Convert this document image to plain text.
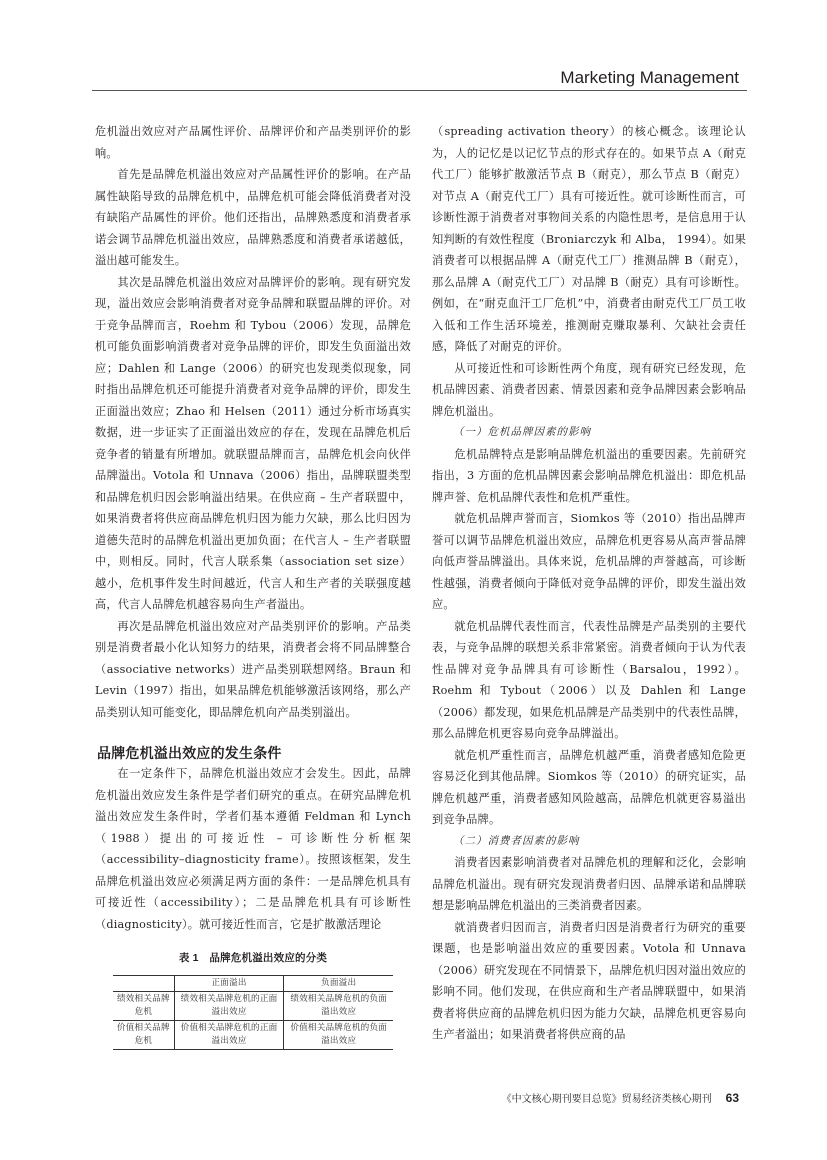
Marketing Management

危机溢出效应对产品属性评价、品牌评价和产品类别评价的影响。

首先是品牌危机溢出效应对产品属性评价的影响。在产品属性缺陷导致的品牌危机中，品牌危机可能会降低消费者对没有缺陷产品属性的评价。他们还指出，品牌熟悉度和消费者承诺会调节品牌危机溢出效应，品牌熟悉度和消费者承诺越低，溢出越可能发生。

其次是品牌危机溢出效应对品牌评价的影响。现有研究发现，溢出效应会影响消费者对竞争品牌和联盟品牌的评价。对于竞争品牌而言，Roehm 和 Tybou（2006）发现，品牌危机可能负面影响消费者对竞争品牌的评价，即发生负面溢出效应；Dahlen 和 Lange（2006）的研究也发现类似现象，同时指出品牌危机还可能提升消费者对竞争品牌的评价，即发生正面溢出效应；Zhao 和 Helsen（2011）通过分析市场真实数据，进一步证实了正面溢出效应的存在，发现在品牌危机后竞争者的销量有所增加。就联盟品牌而言，品牌危机会向伙伴品牌溢出。Votola 和 Unnava（2006）指出，品牌联盟类型和品牌危机归因会影响溢出结果。在供应商 – 生产者联盟中，如果消费者将供应商品牌危机归因为能力欠缺，那么比归因为道德失范时的品牌危机溢出更加负面；在代言人 – 生产者联盟中，则相反。同时，代言人联系集（association set size）越小，危机事件发生时间越近，代言人和生产者的关联强度越高，代言人品牌危机越容易向生产者溢出。

再次是品牌危机溢出效应对产品类别评价的影响。产品类别是消费者最小化认知努力的结果，消费者会将不同品牌整合（associative networks）进产品类别联想网络。Braun 和 Levin（1997）指出，如果品牌危机能够激活该网络，那么产品类别认知可能变化，即品牌危机向产品类别溢出。

品牌危机溢出效应的发生条件

在一定条件下，品牌危机溢出效应才会发生。因此，品牌危机溢出效应发生条件是学者们研究的重点。在研究品牌危机溢出效应发生条件时，学者们基本遵循 Feldman 和 Lynch（1988）提出的可接近性 – 可诊断性分析框架（accessibility–diagnosticity frame）。按照该框架，发生品牌危机溢出效应必须满足两方面的条件：一是品牌危机具有可接近性（accessibility）；二是品牌危机具有可诊断性（diagnosticity）。就可接近性而言，它是扩散激活理论

表 1　品牌危机溢出效应的分类
	正面溢出	负面溢出
绩效相关品牌危机	绩效相关品牌危机的正面溢出效应	绩效相关品牌危机的负面溢出效应
价值相关品牌危机	价值相关品牌危机的正面溢出效应	价值相关品牌危机的负面溢出效应

（spreading activation theory）的核心概念。该理论认为，人的记忆是以记忆节点的形式存在的。如果节点 A（耐克代工厂）能够扩散激活节点 B（耐克），那么节点 B（耐克）对节点 A（耐克代工厂）具有可接近性。就可诊断性而言，可诊断性源于消费者对事物间关系的内隐性思考，是信息用于认知判断的有效性程度（Broniarczyk 和 Alba， 1994）。如果消费者可以根据品牌 A（耐克代工厂）推测品牌 B（耐克），那么品牌 A（耐克代工厂）对品牌 B（耐克）具有可诊断性。例如，在“耐克血汗工厂危机”中，消费者由耐克代工厂员工收入低和工作生活环境差，推测耐克赚取暴利、欠缺社会责任感，降低了对耐克的评价。

从可接近性和可诊断性两个角度，现有研究已经发现，危机品牌因素、消费者因素、情景因素和竞争品牌因素会影响品牌危机溢出。

（一）危机品牌因素的影响

危机品牌特点是影响品牌危机溢出的重要因素。先前研究指出，3 方面的危机品牌因素会影响品牌危机溢出：即危机品牌声誉、危机品牌代表性和危机严重性。

就危机品牌声誉而言，Siomkos 等（2010）指出品牌声誉可以调节品牌危机溢出效应，品牌危机更容易从高声誉品牌向低声誉品牌溢出。具体来说，危机品牌的声誉越高，可诊断性越强，消费者倾向于降低对竞争品牌的评价，即发生溢出效应。

就危机品牌代表性而言，代表性品牌是产品类别的主要代表，与竞争品牌的联想关系非常紧密。消费者倾向于认为代表性品牌对竞争品牌具有可诊断性（Barsalou，1992）。Roehm 和 Tybout（2006）以及 Dahlen 和 Lange（2006）都发现，如果危机品牌是产品类别中的代表性品牌，那么品牌危机更容易向竞争品牌溢出。

就危机严重性而言，品牌危机越严重，消费者感知危险更容易泛化到其他品牌。Siomkos 等（2010）的研究证实，品牌危机越严重，消费者感知风险越高，品牌危机就更容易溢出到竞争品牌。

（二）消费者因素的影响

消费者因素影响消费者对品牌危机的理解和泛化，会影响品牌危机溢出。现有研究发现消费者归因、品牌承诺和品牌联想是影响品牌危机溢出的三类消费者因素。

就消费者归因而言，消费者归因是消费者行为研究的重要课题，也是影响溢出效应的重要因素。Votola 和 Unnava（2006）研究发现在不同情景下，品牌危机归因对溢出效应的影响不同。他们发现，在供应商和生产者品牌联盟中，如果消费者将供应商的品牌危机归因为能力欠缺，品牌危机更容易向生产者溢出；如果消费者将供应商的品

《中文核心期刊要目总览》贸易经济类核心期刊 63
